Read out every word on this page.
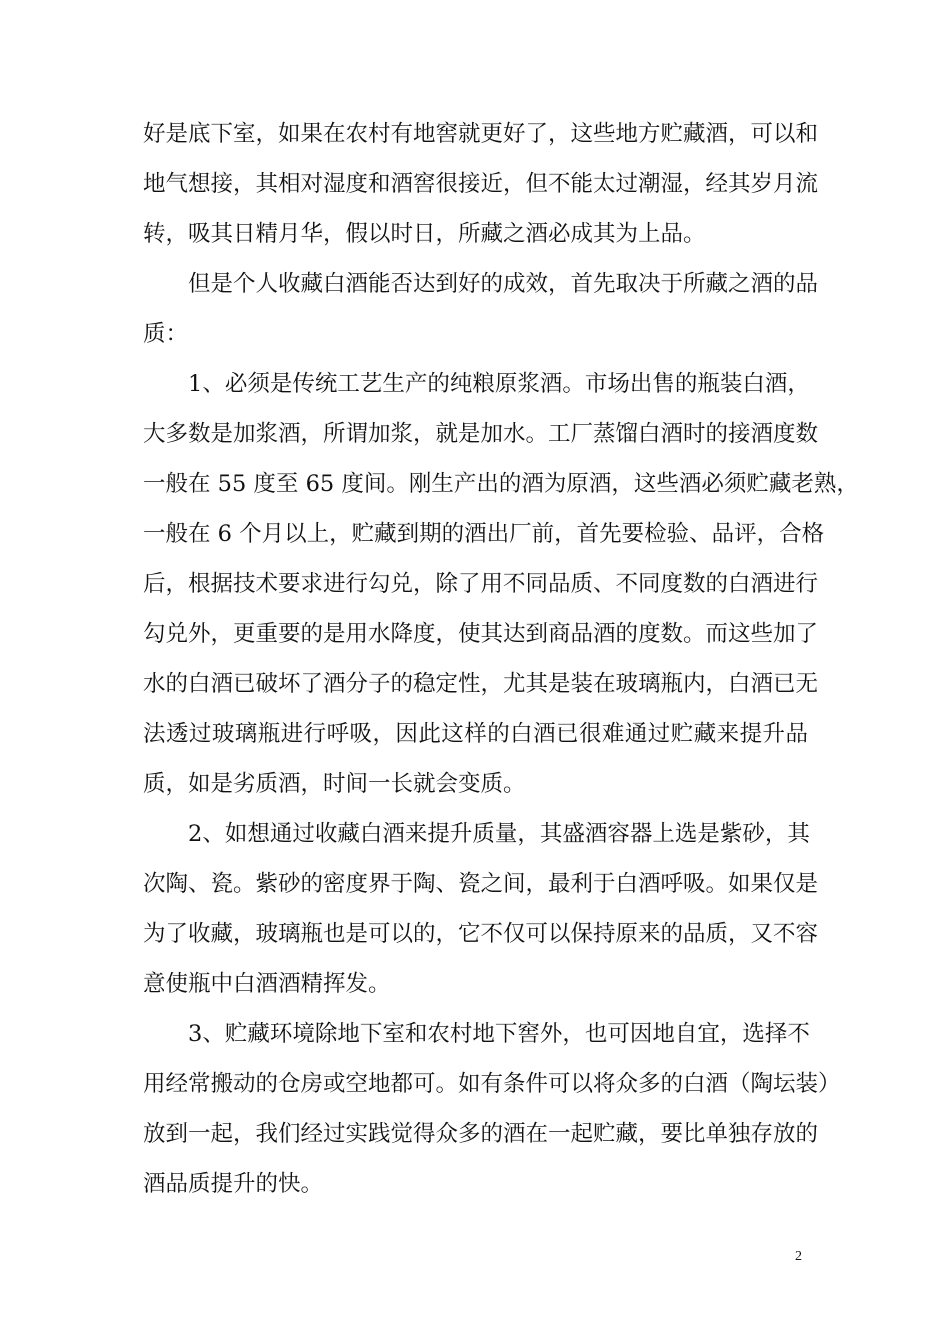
好是底下室，如果在农村有地窖就更好了，这些地方贮藏酒，可以和
地气想接，其相对湿度和酒窖很接近，但不能太过潮湿，经其岁月流
转，吸其日精月华，假以时日，所藏之酒必成其为上品。
但是个人收藏白酒能否达到好的成效，首先取决于所藏之酒的品
质：
1、必须是传统工艺生产的纯粮原浆酒。市场出售的瓶装白酒，
大多数是加浆酒，所谓加浆，就是加水。工厂蒸馏白酒时的接酒度数
一般在 55 度至 65 度间。刚生产出的酒为原酒，这些酒必须贮藏老熟，
一般在 6 个月以上，贮藏到期的酒出厂前，首先要检验、品评，合格
后，根据技术要求进行勾兑，除了用不同品质、不同度数的白酒进行
勾兑外，更重要的是用水降度，使其达到商品酒的度数。而这些加了
水的白酒已破坏了酒分子的稳定性，尤其是装在玻璃瓶内，白酒已无
法透过玻璃瓶进行呼吸，因此这样的白酒已很难通过贮藏来提升品
质，如是劣质酒，时间一长就会变质。
2、如想通过收藏白酒来提升质量，其盛酒容器上选是紫砂，其
次陶、瓷。紫砂的密度界于陶、瓷之间，最利于白酒呼吸。如果仅是
为了收藏，玻璃瓶也是可以的，它不仅可以保持原来的品质，又不容
意使瓶中白酒酒精挥发。
3、贮藏环境除地下室和农村地下窖外，也可因地自宜，选择不
用经常搬动的仓房或空地都可。如有条件可以将众多的白酒（陶坛装）
放到一起，我们经过实践觉得众多的酒在一起贮藏，要比单独存放的
酒品质提升的快。
2
